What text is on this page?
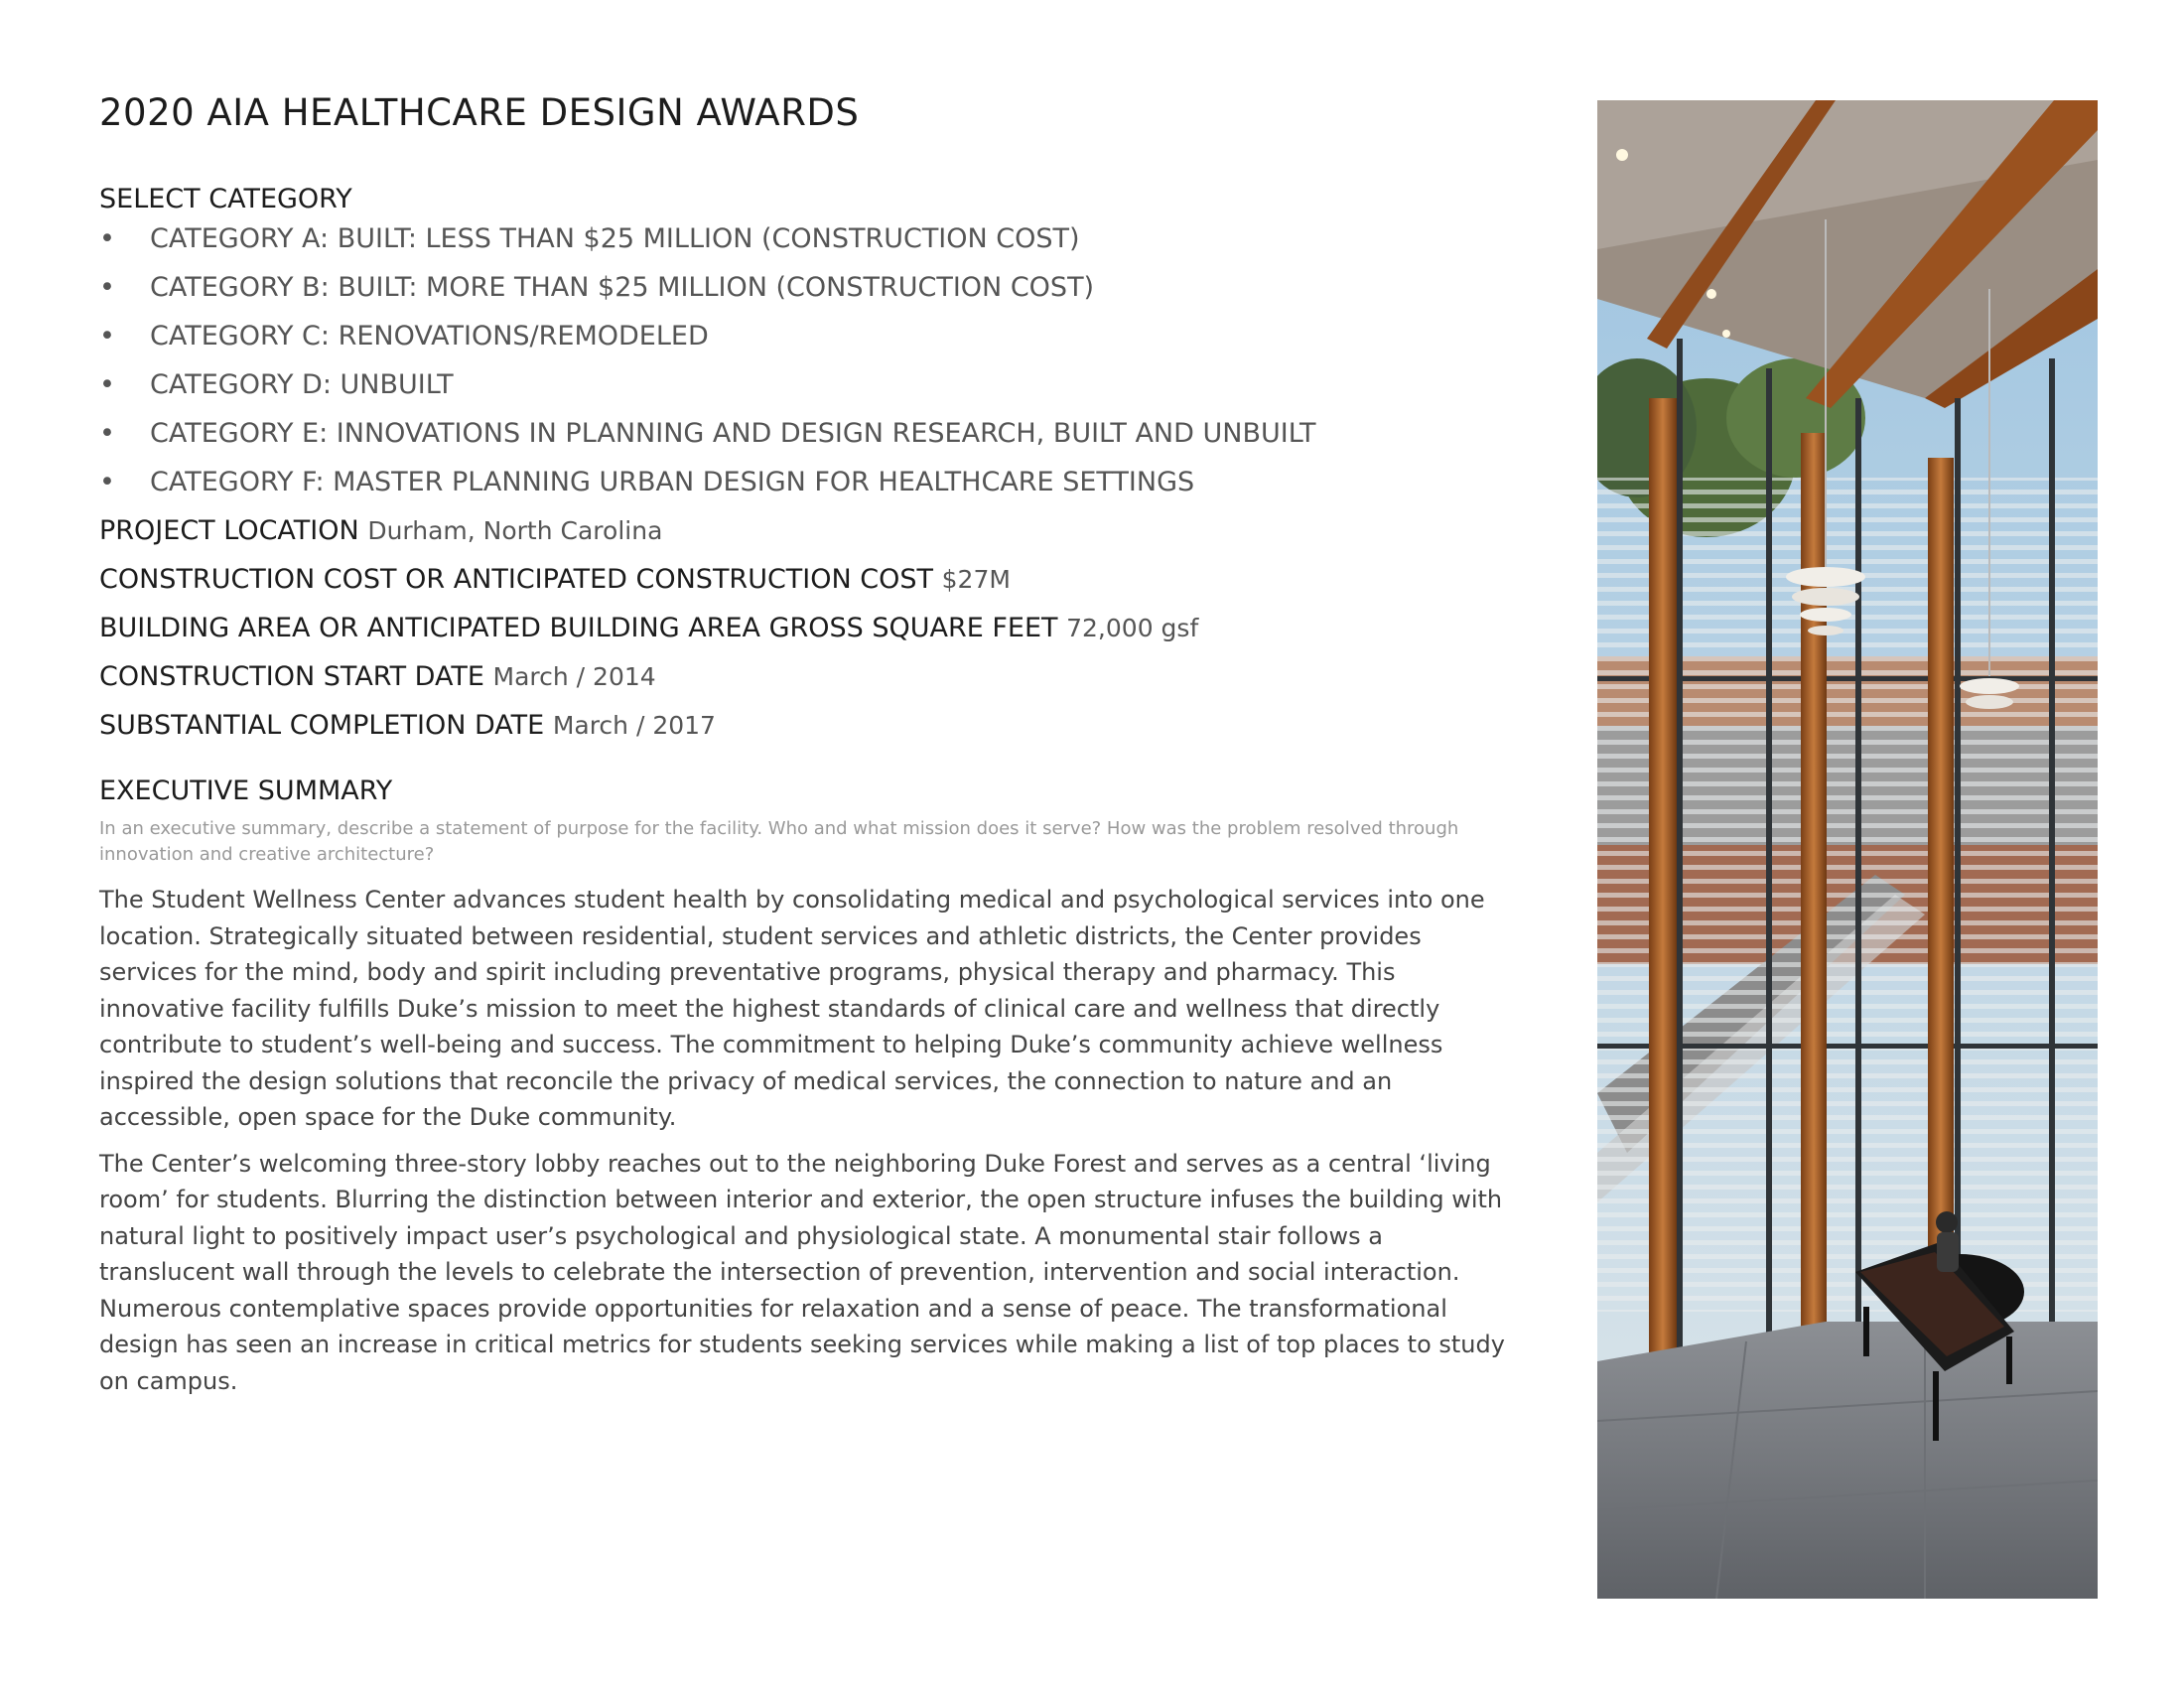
2020 AIA HEALTHCARE DESIGN AWARDS
SELECT CATEGORY
• CATEGORY A: BUILT: LESS THAN $25 MILLION (CONSTRUCTION COST)
• CATEGORY B: BUILT: MORE THAN $25 MILLION (CONSTRUCTION COST)
• CATEGORY C: RENOVATIONS/REMODELED
• CATEGORY D: UNBUILT
• CATEGORY E: INNOVATIONS IN PLANNING AND DESIGN RESEARCH, BUILT AND UNBUILT
• CATEGORY F: MASTER PLANNING URBAN DESIGN FOR HEALTHCARE SETTINGS
PROJECT LOCATION Durham, North Carolina
CONSTRUCTION COST OR ANTICIPATED CONSTRUCTION COST $27M
BUILDING AREA OR ANTICIPATED BUILDING AREA GROSS SQUARE FEET 72,000 gsf
CONSTRUCTION START DATE March / 2014
SUBSTANTIAL COMPLETION DATE March / 2017
EXECUTIVE SUMMARY
In an executive summary, describe a statement of purpose for the facility. Who and what mission does it serve? How was the problem resolved through innovation and creative architecture?

The Student Wellness Center advances student health by consolidating medical and psychological services into one location. Strategically situated between residential, student services and athletic districts, the Center provides services for the mind, body and spirit including preventative programs, physical therapy and pharmacy. This innovative facility fulfills Duke’s mission to meet the highest standards of clinical care and wellness that directly contribute to student’s well-being and success. The commitment to helping Duke’s community achieve wellness inspired the design solutions that reconcile the privacy of medical services, the connection to nature and an accessible, open space for the Duke community.

The Center’s welcoming three-story lobby reaches out to the neighboring Duke Forest and serves as a central ‘living room’ for students. Blurring the distinction between interior and exterior, the open structure infuses the building with natural light to positively impact user’s psychological and physiological state. A monumental stair follows a translucent wall through the levels to celebrate the intersection of prevention, intervention and social interaction. Numerous contemplative spaces provide opportunities for relaxation and a sense of peace. The transformational design has seen an increase in critical metrics for students seeking services while making a list of top places to study on campus.
